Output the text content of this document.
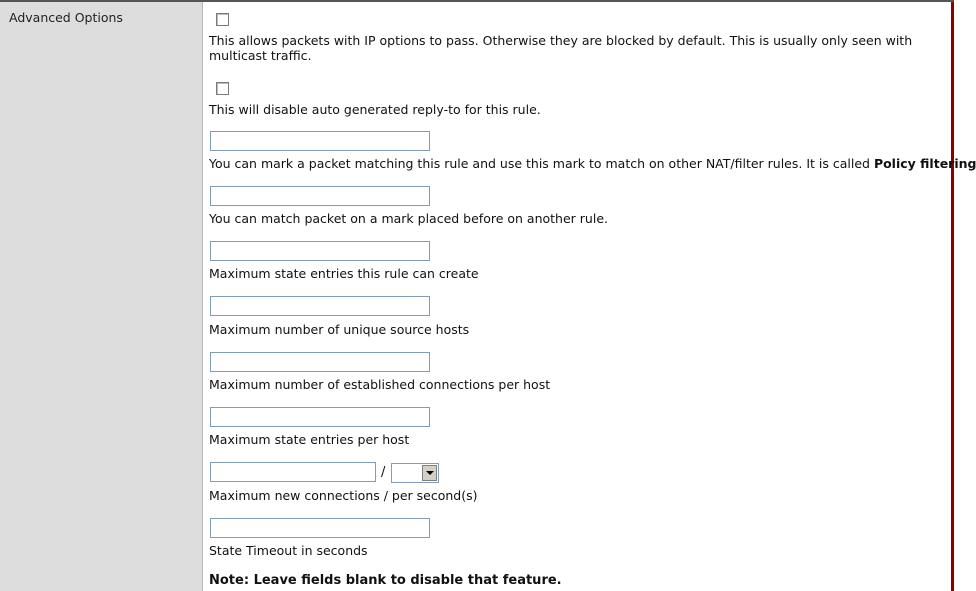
Advanced Options
This allows packets with IP options to pass. Otherwise they are blocked by default. This is usually only seen with multicast traffic.
This will disable auto generated reply-to for this rule.
You can mark a packet matching this rule and use this mark to match on other NAT/filter rules. It is called Policy filtering
You can match packet on a mark placed before on another rule.
Maximum state entries this rule can create
Maximum number of unique source hosts
Maximum number of established connections per host
Maximum state entries per host
/
Maximum new connections / per second(s)
State Timeout in seconds
Note: Leave fields blank to disable that feature.
